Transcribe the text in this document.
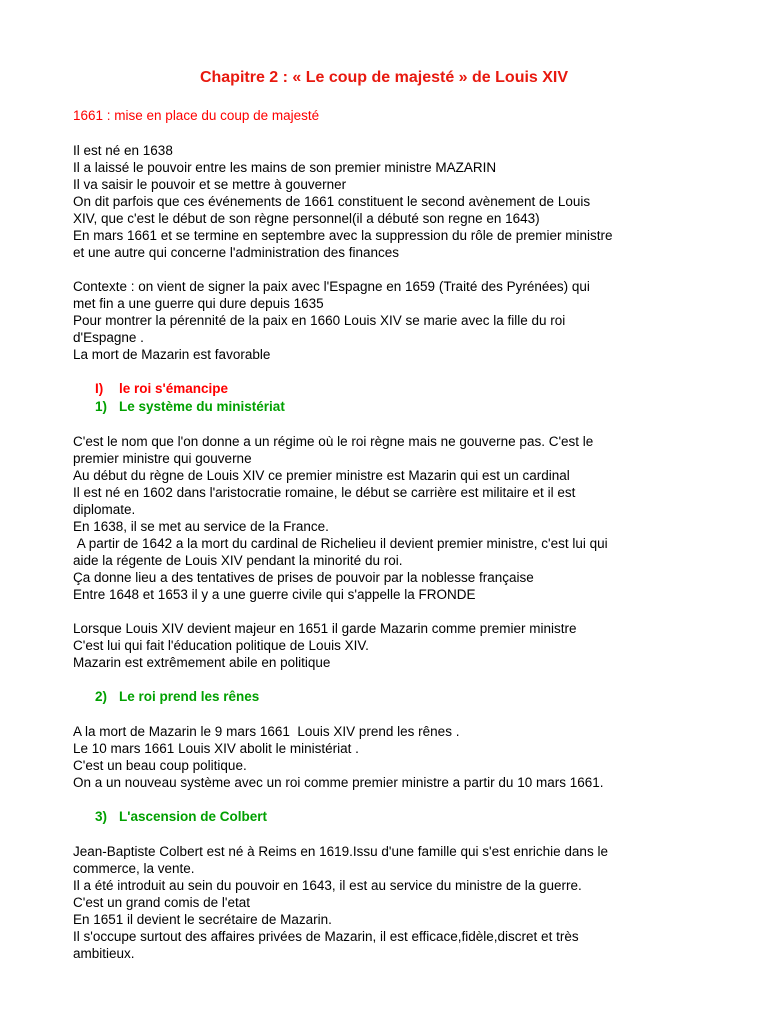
Chapitre 2 : « Le coup de majesté » de Louis XIV
1661 : mise en place du coup de majesté
Il est né en 1638
Il a laissé le pouvoir entre les mains de son premier ministre MAZARIN
Il va saisir le pouvoir et se mettre à gouverner
On dit parfois que ces événements de 1661 constituent le second avènement de Louis
XIV, que c'est le début de son règne personnel(il a débuté son regne en 1643)
En mars 1661 et se termine en septembre avec la suppression du rôle de premier ministre
et une autre qui concerne l'administration des finances
Contexte : on vient de signer la paix avec l'Espagne en 1659 (Traité des Pyrénées) qui
met fin a une guerre qui dure depuis 1635
Pour montrer la pérennité de la paix en 1660 Louis XIV se marie avec la fille du roi
d'Espagne .
La mort de Mazarin est favorable
I)	le roi s'émancipe
1) Le système du ministériat
C'est le nom que l'on donne a un régime où le roi règne mais ne gouverne pas. C'est le
premier ministre qui gouverne
Au début du règne de Louis XIV ce premier ministre est Mazarin qui est un cardinal
Il est né en 1602 dans l'aristocratie romaine, le début se carrière est militaire et il est
diplomate.
En 1638, il se met au service de la France.
A partir de 1642 a la mort du cardinal de Richelieu il devient premier ministre, c'est lui qui
aide la régente de Louis XIV pendant la minorité du roi.
Ça donne lieu a des tentatives de prises de pouvoir par la noblesse française
Entre 1648 et 1653 il y a une guerre civile qui s'appelle la FRONDE
Lorsque Louis XIV devient majeur en 1651 il garde Mazarin comme premier ministre
C'est lui qui fait l'éducation politique de Louis XIV.
Mazarin est extrêmement abile en politique
2) Le roi prend les rênes
A la mort de Mazarin le 9 mars 1661  Louis XIV prend les rênes .
Le 10 mars 1661 Louis XIV abolit le ministériat .
C'est un beau coup politique.
On a un nouveau système avec un roi comme premier ministre a partir du 10 mars 1661.
3) L'ascension de Colbert
Jean-Baptiste Colbert est né à Reims en 1619.Issu d'une famille qui s'est enrichie dans le
commerce, la vente.
Il a été introduit au sein du pouvoir en 1643, il est au service du ministre de la guerre.
C'est un grand comis de l'etat
En 1651 il devient le secrétaire de Mazarin.
Il s'occupe surtout des affaires privées de Mazarin, il est efficace,fidèle,discret et très
ambitieux.
